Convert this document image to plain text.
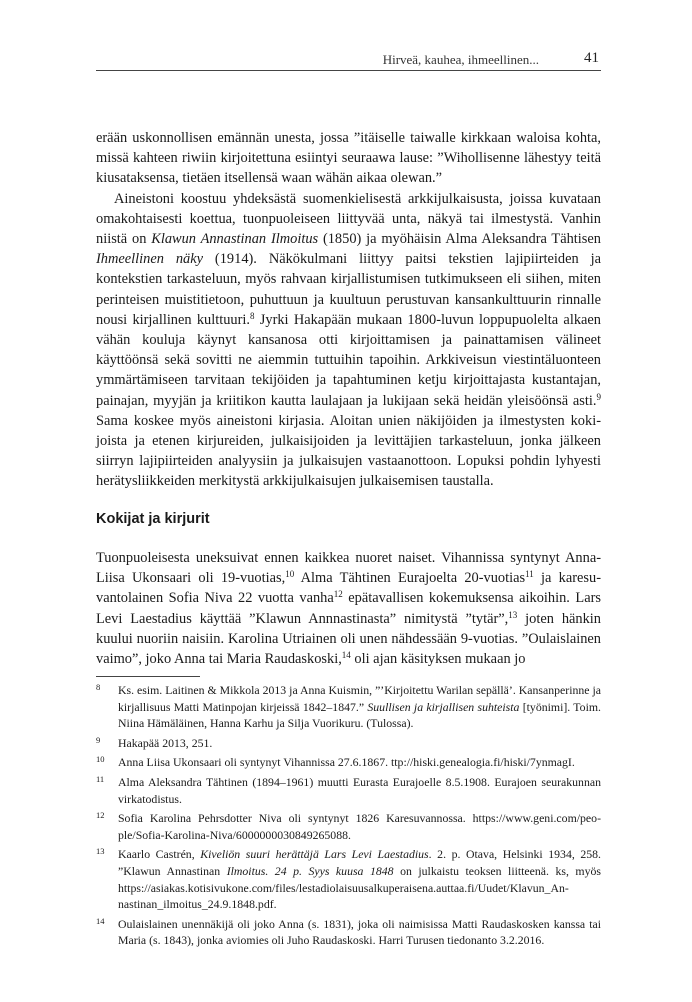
Hirveä, kauhea, ihmeellinen...	41

erään uskonnollisen emännän unesta, jossa ”itäiselle taiwalle kirkkaan waloisa kohta, missä kahteen riwiin kirjoitettuna esiintyi seuraawa lause: ”Wihollisenne lähestyy teitä kiusataksensa, tietäen itsellensä waan wähän aikaa olewan.”

Aineistoni koostuu yhdeksästä suomenkielisestä arkkijulkaisusta, joissa kuvataan omakohtaisesti koettua, tuonpuoleiseen liittyvää unta, näkyä tai ilmestystä. Vanhin niistä on Klawun Annastinan Ilmoitus (1850) ja myöhäisin Alma Aleksandra Tähtisen Ihmeellinen näky (1914). Näkökulmani liittyy paitsi tekstien lajipiirteiden ja kontekstien tarkasteluun, myös rahvaan kirjallistumisen tutkimukseen eli siihen, miten perinteisen muistitietoon, puhuttuun ja kuultuun perustuvan kansankulttuurin rinnalle nousi kirjallinen kulttuuri.$^8$ Jyrki Hakapään mukaan 1800-luvun loppupuolelta alkaen vähän kouluja käynyt kansanosa otti kirjoittamisen ja painattamisen välineet käyttöönsä sekä sovitti ne aiemmin tuttuihin tapoihin. Arkkiveisun viestintäluonteen ymmärtämiseen tarvitaan tekijöiden ja tapahtuminen ketju kirjoittajasta kustantajan, painajan, myyjän ja kriitikon kautta laulajaan ja lukijaan sekä heidän yleisöönsä asti.$^9$ Sama koskee myös aineistoni kirjasia. Aloitan unien näkijöiden ja ilmestysten kokijoista ja etenen kirjureiden, julkaisijoiden ja levittäjien tarkasteluun, jonka jälkeen siirryn lajipiirteiden analyysiin ja julkaisujen vastaanottoon. Lopuksi pohdin lyhyesti herätysliikkeiden merkitystä arkkijulkaisujen julkaisemisen taustalla.

Kokijat ja kirjurit

Tuonpuoleisesta uneksuivat ennen kaikkea nuoret naiset. Vihannissa syntynyt Anna-Liisa Ukonsaari oli 19-vuotias,$^{10}$ Alma Tähtinen Eurajoelta 20-vuotias$^{11}$ ja karesuvantolainen Sofia Niva 22 vuotta vanha$^{12}$ epätavallisen kokemuksensa aikoihin. Lars Levi Laestadius käyttää ”Klawun Annnastinasta” nimitystä ”tytär”,$^{13}$ joten hänkin kuului nuoriin naisiin. Karolina Utriainen oli unen nähdessään 9-vuotias. ”Oulaislainen vaimo”, joko Anna tai Maria Raudaskoski,$^{14}$ oli ajan käsityksen mukaan jo

8 Ks. esim. Laitinen & Mikkola 2013 ja Anna Kuismin, ”’Kirjoitettu Warilan sepällä’. Kansanperinne ja kirjallisuus Matti Matinpojan kirjeissä 1842–1847.” Suullisen ja kirjallisen suhteista [työnimi]. Toim. Niina Hämäläinen, Hanna Karhu ja Silja Vuorikuru. (Tulossa).
9 Hakapää 2013, 251.
10 Anna Liisa Ukonsaari oli syntynyt Vihannissa 27.6.1867. ttp://hiski.genealogia.fi/hiski/7ynmagI.
11 Alma Aleksandra Tähtinen (1894–1961) muutti Eurasta Eurajoelle 8.5.1908. Eurajoen seurakunnan virkatodistus.
12 Sofia Karolina Pehrsdotter Niva oli syntynyt 1826 Karesuvannossa. https://www.geni.com/people/Sofia-Karolina-Niva/6000000030849265088.
13 Kaarlo Castrén, Kiveliön suuri herättäjä Lars Levi Laestadius. 2. p. Otava, Helsinki 1934, 258. ”Klawun Annastinan Ilmoitus. 24 p. Syys kuusa 1848 on julkaistu teoksen liitteenä. ks, myös https://asiakas.kotisivukone.com/files/lestadiolaisuusalkuperaisena.auttaa.fi/Uudet/Klavun_Annastinan_ilmoitus_24.9.1848.pdf.
14 Oulaislainen unennäkijä oli joko Anna (s. 1831), joka oli naimisissa Matti Raudaskosken kanssa tai Maria (s. 1843), jonka aviomies oli Juho Raudaskoski. Harri Turusen tiedonanto 3.2.2016.
